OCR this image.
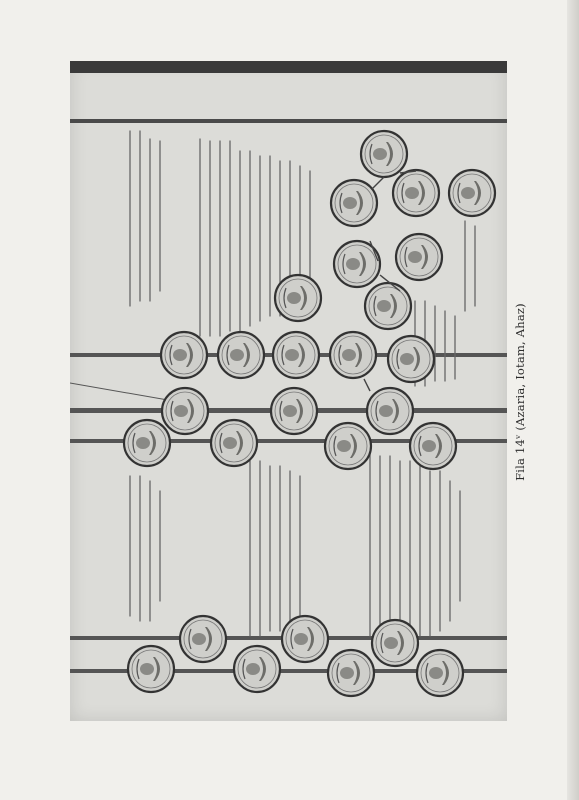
Fila 14ᵛ (Azaria, Iotam, Ahaz)
